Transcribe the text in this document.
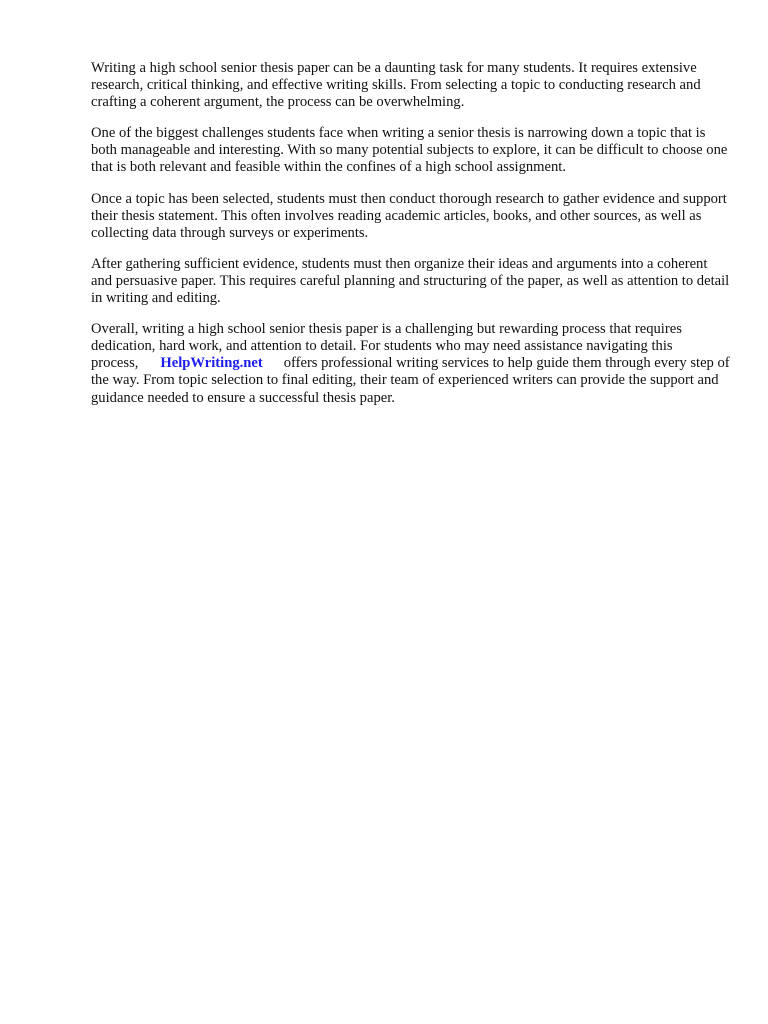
Writing a high school senior thesis paper can be a daunting task for many students. It requires extensive research, critical thinking, and effective writing skills. From selecting a topic to conducting research and crafting a coherent argument, the process can be overwhelming.

One of the biggest challenges students face when writing a senior thesis is narrowing down a topic that is both manageable and interesting. With so many potential subjects to explore, it can be difficult to choose one that is both relevant and feasible within the confines of a high school assignment.

Once a topic has been selected, students must then conduct thorough research to gather evidence and support their thesis statement. This often involves reading academic articles, books, and other sources, as well as collecting data through surveys or experiments.

After gathering sufficient evidence, students must then organize their ideas and arguments into a coherent and persuasive paper. This requires careful planning and structuring of the paper, as well as attention to detail in writing and editing.

Overall, writing a high school senior thesis paper is a challenging but rewarding process that requires dedication, hard work, and attention to detail. For students who may need assistance navigating this process, HelpWriting.net offers professional writing services to help guide them through every step of the way. From topic selection to final editing, their team of experienced writers can provide the support and guidance needed to ensure a successful thesis paper.
